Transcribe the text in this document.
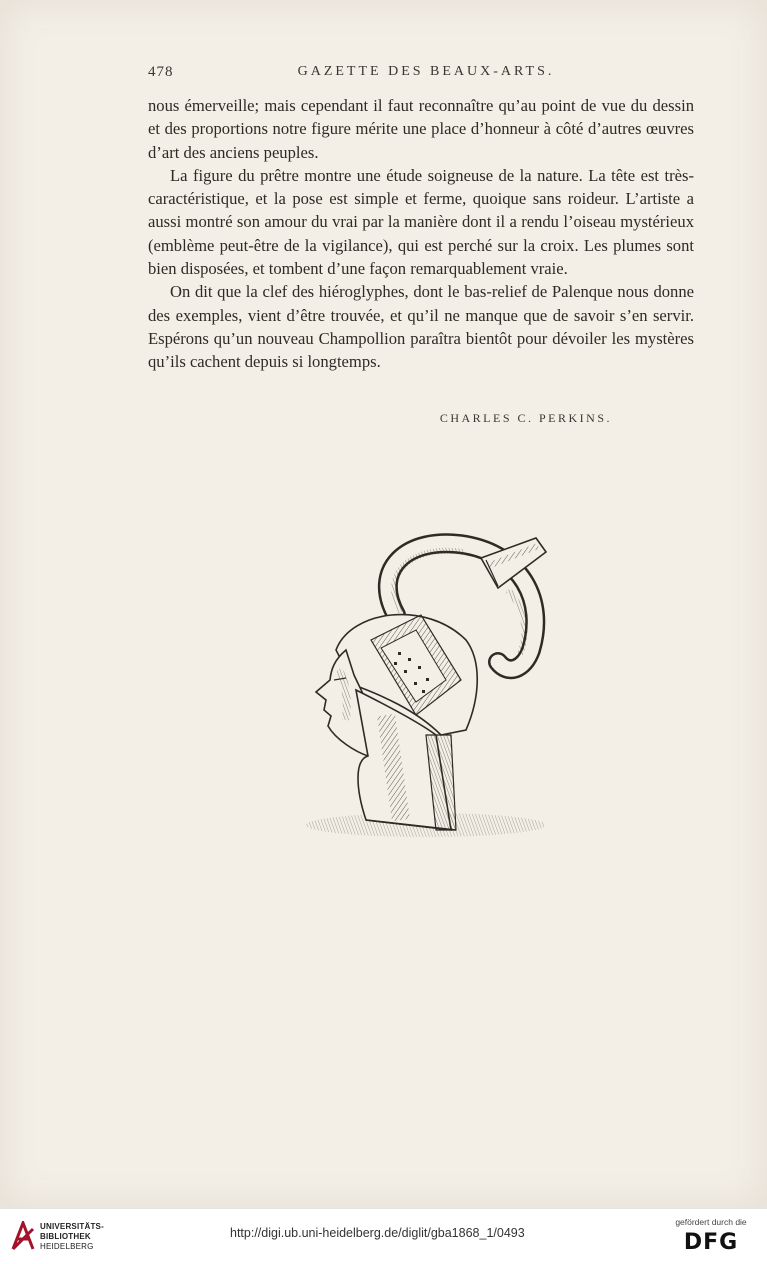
478	GAZETTE DES BEAUX-ARTS.

nous émerveille; mais cependant il faut reconnaître qu’au point de vue du dessin et des proportions notre figure mérite une place d’honneur à côté d’autres œuvres d’art des anciens peuples.

La figure du prêtre montre une étude soigneuse de la nature. La tête est très-caractéristique, et la pose est simple et ferme, quoique sans roideur. L’artiste a aussi montré son amour du vrai par la manière dont il a rendu l’oiseau mystérieux (emblème peut-être de la vigilance), qui est perché sur la croix. Les plumes sont bien disposées, et tombent d’une façon remarquablement vraie.

On dit que la clef des hiéroglyphes, dont le bas-relief de Palenque nous donne des exemples, vient d’être trouvée, et qu’il ne manque que de savoir s’en servir. Espérons qu’un nouveau Champollion paraîtra bientôt pour dévoiler les mystères qu’ils cachent depuis si longtemps.

CHARLES C. PERKINS.
UNIVERSITÄTS-
BIBLIOTHEK
HEIDELBERG
http://digi.ub.uni-heidelberg.de/diglit/gba1868_1/0493
gefördert durch die
DFG
